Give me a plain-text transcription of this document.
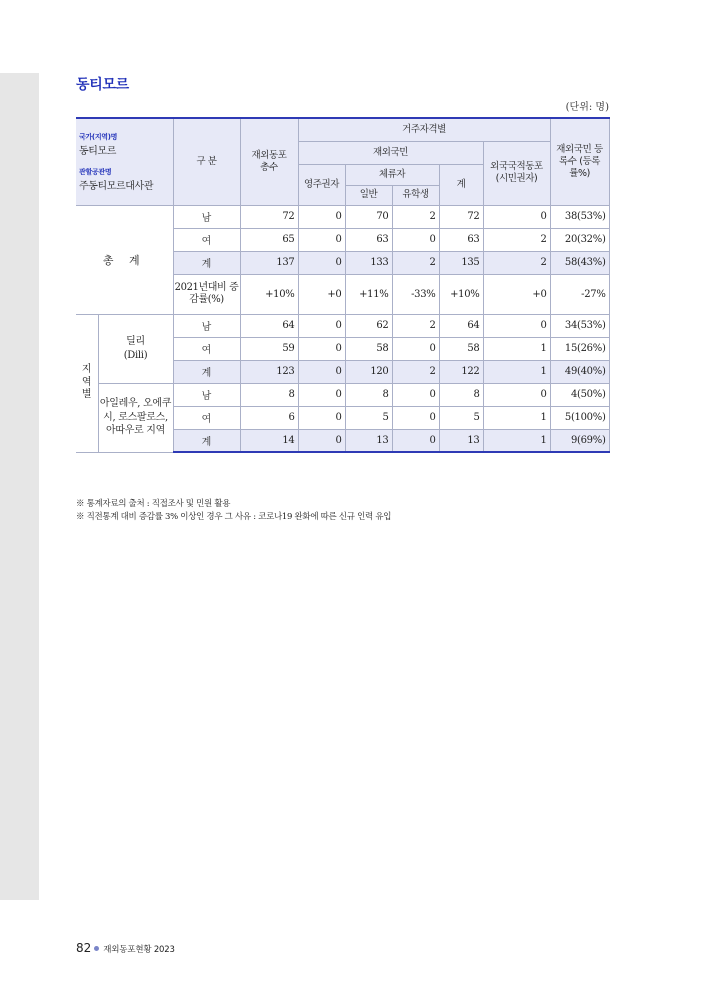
동티모르
(단위: 명)
국가(지역)명
동티모르
관할공관명
주동티모르대사관		구 분	재외동포 총수	거주자격별					재외국민 등록수 (등록률%)
				재외국민				외국국적동포 (시민권자)	
				영주권자	체류자		계		
					일반	유학생			
총 계		남	72	0	70	2	72	0	38(53%)
		여	65	0	63	0	63	2	20(32%)
		계	137	0	133	2	135	2	58(43%)
		2021년대비 증감률(%)	+10%	+0	+11%	-33%	+10%	+0	-27%
지 역 별	딜리 (Dili)	남	64	0	62	2	64	0	34(53%)
		여	59	0	58	0	58	1	15(26%)
		계	123	0	120	2	122	1	49(40%)
	아일레우, 오에쿠시, 로스팔로스, 아따우로 지역	남	8	0	8	0	8	0	4(50%)
		여	6	0	5	0	5	1	5(100%)
		계	14	0	13	0	13	1	9(69%)
※ 통계자료의 출처 : 직접조사 및 민원 활용
※ 직전통계 대비 증감률 3% 이상인 경우 그 사유 : 코로나19 완화에 따른 신규 인력 유입
82 재외동포현황 2023
